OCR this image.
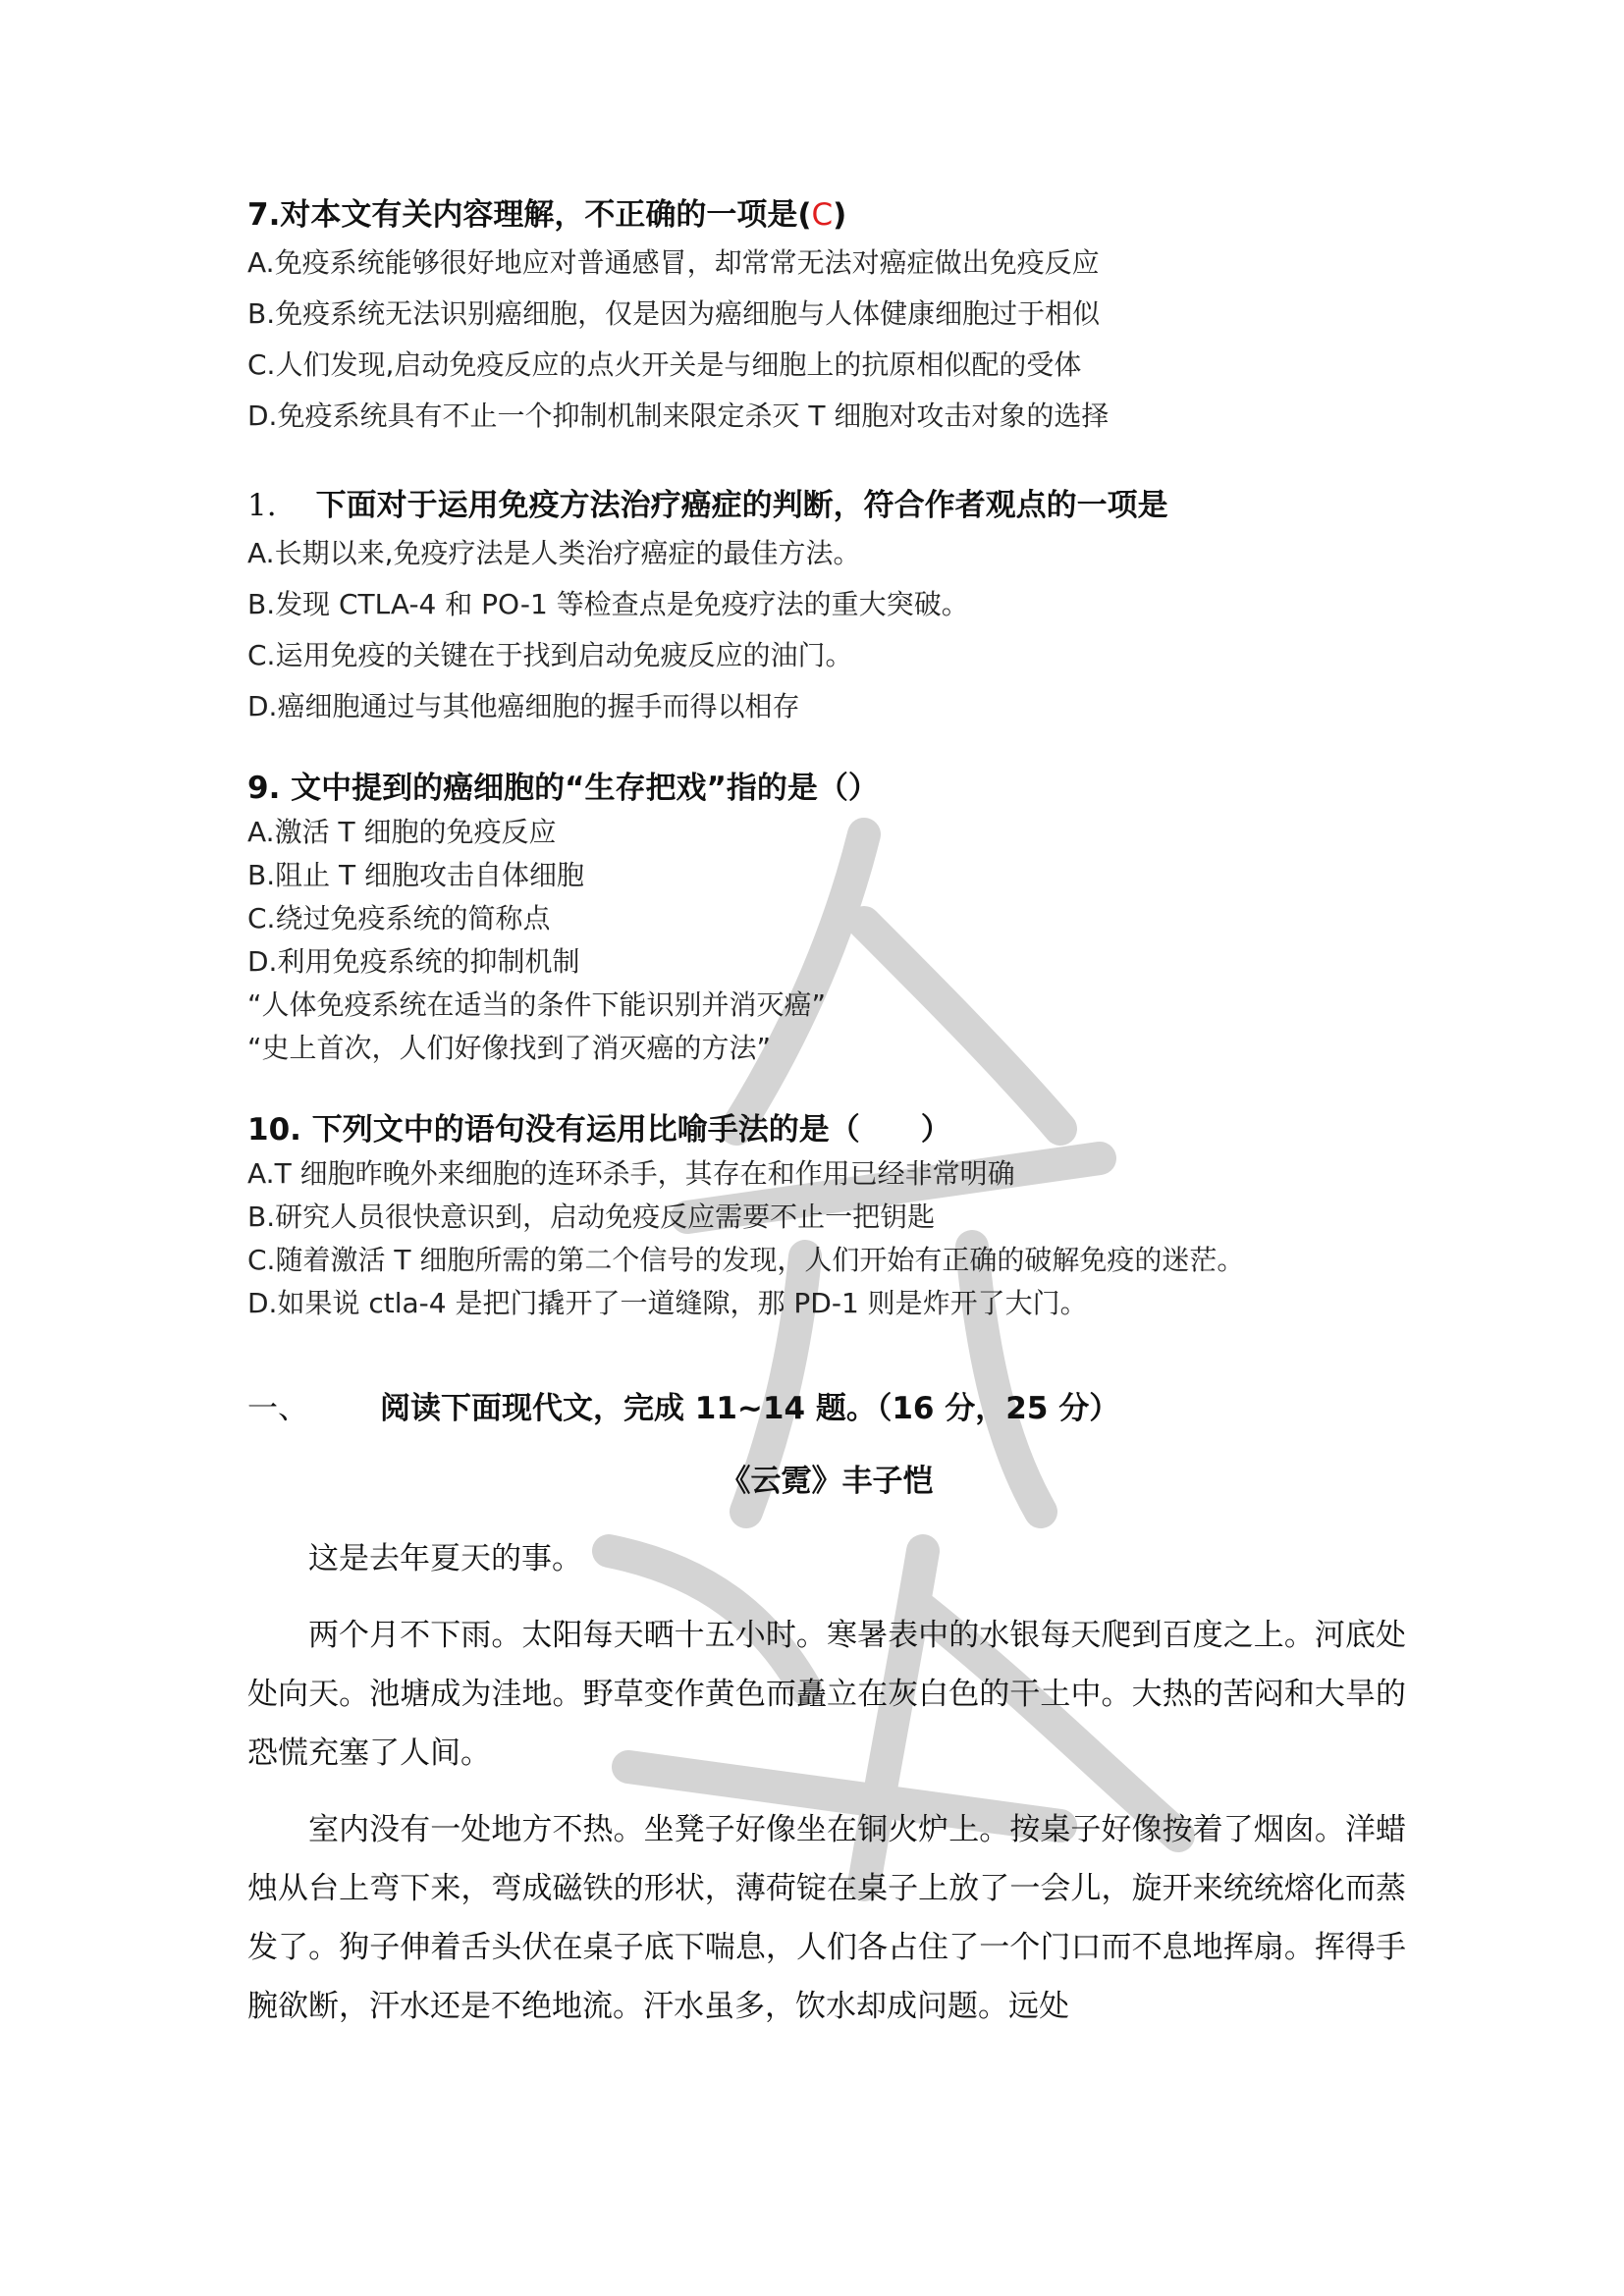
7.对本文有关内容理解，不正确的一项是(C)

A.免疫系统能够很好地应对普通感冒，却常常无法对癌症做出免疫反应

B.免疫系统无法识别癌细胞，仅是因为癌细胞与人体健康细胞过于相似

C.人们发现,启动免疫反应的点火开关是与细胞上的抗原相似配的受体

D.免疫系统具有不止一个抑制机制来限定杀灭 T 细胞对攻击对象的选择

1. 下面对于运用免疫方法治疗癌症的判断，符合作者观点的一项是

A.长期以来,免疫疗法是人类治疗癌症的最佳方法。

B.发现 CTLA-4 和 PO-1 等检查点是免疫疗法的重大突破。

C.运用免疫的关键在于找到启动免疲反应的油门。

D.癌细胞通过与其他癌细胞的握手而得以相存

9. 文中提到的癌细胞的“生存把戏”指的是（）

A.激活 T 细胞的免疫反应

B.阻止 T 细胞攻击自体细胞

C.绕过免疫系统的简称点

D.利用免疫系统的抑制机制

“人体免疫系统在适当的条件下能识别并消灭癌”

“史上首次，人们好像找到了消灭癌的方法”

10. 下列文中的语句没有运用比喻手法的是（　　）

A.T 细胞昨晚外来细胞的连环杀手，其存在和作用已经非常明确

B.研究人员很快意识到，启动免疫反应需要不止一把钥匙

C.随着激活 T 细胞所需的第二个信号的发现，人们开始有正确的破解免疫的迷茫。

D.如果说 ctla-4 是把门撬开了一道缝隙，那 PD-1 则是炸开了大门。

一、 阅读下面现代文，完成 11~14 题。（16 分，25 分）

《云霓》丰子恺

这是去年夏天的事。

两个月不下雨。太阳每天晒十五小时。寒暑表中的水银每天爬到百度之上。河底处处向天。池塘成为洼地。野草变作黄色而矗立在灰白色的干土中。大热的苦闷和大旱的恐慌充塞了人间。

室内没有一处地方不热。坐凳子好像坐在铜火炉上。按桌子好像按着了烟囱。洋蜡烛从台上弯下来，弯成磁铁的形状，薄荷锭在桌子上放了一会儿，旋开来统统熔化而蒸发了。狗子伸着舌头伏在桌子底下喘息，人们各占住了一个门口而不息地挥扇。挥得手腕欲断，汗水还是不绝地流。汗水虽多，饮水却成问题。远处
